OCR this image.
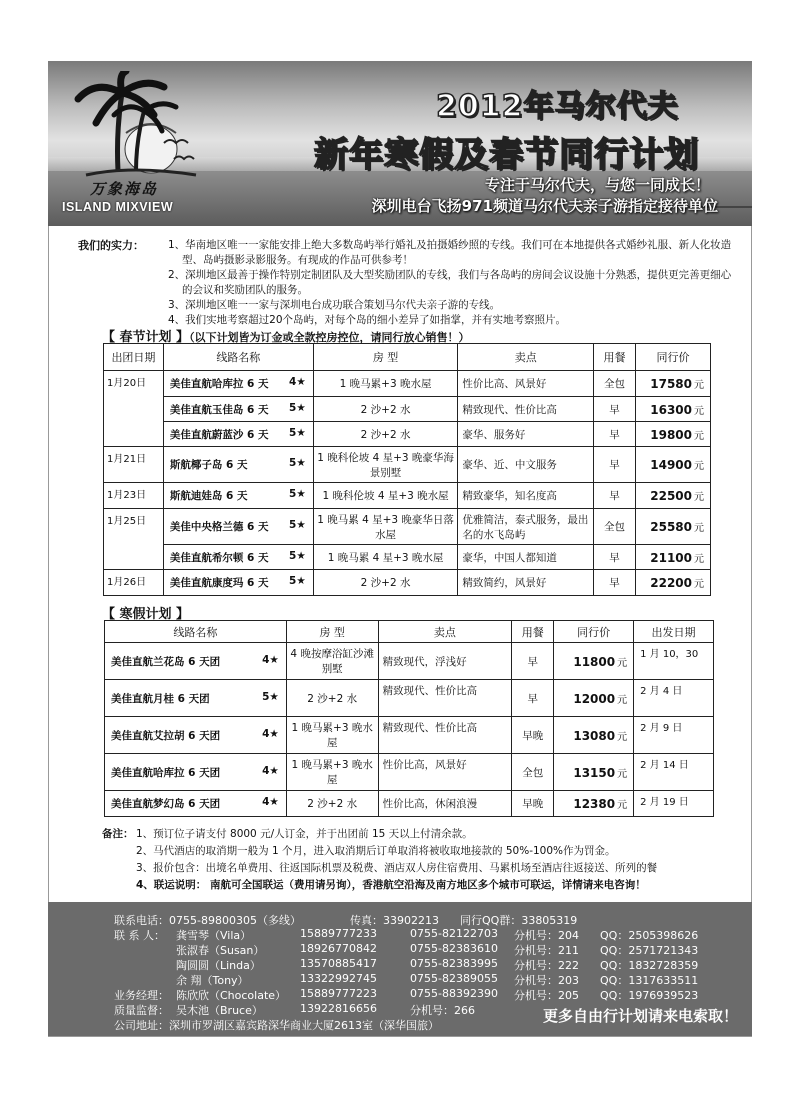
万象海岛
ISLAND MIXVIEW
2012年马尔代夫
新年寒假及春节同行计划
专注于马尔代夫，与您一同成长！
深圳电台飞扬971频道马尔代夫亲子游指定接待单位
我们的实力： 1、华南地区唯一一家能安排上绝大多数岛屿举行婚礼及拍摄婚纱照的专线。我们可在本地提供各式婚纱礼服、新人化妆造型、岛屿摄影录影服务。有现成的作品可供参考！
2、深圳地区最善于操作特别定制团队及大型奖励团队的专线，我们与各岛屿的房间会议设施十分熟悉，提供更完善更细心的会议和奖励团队的服务。
3、深圳地区唯一一家与深圳电台成功联合策划马尔代夫亲子游的专线。
4、我们实地考察超过20个岛屿，对每个岛的细小差异了如指掌，并有实地考察照片。
【 春节计划 】（以下计划皆为订金或全款控房控位，请同行放心销售！）
出团日期	线路名称	房 型	卖点	用餐	同行价
1月20日	美佳直航哈库拉 6 天 4★	1 晚马累+3 晚水屋	性价比高、风景好	全包	17580 元
	美佳直航玉佳岛 6 天 5★	2 沙+2 水	精致现代、性价比高	早	16300 元
	美佳直航蔚蓝沙 6 天 5★	2 沙+2 水	豪华、服务好	早	19800 元
1月21日	斯航椰子岛 6 天 5★	1 晚科伦坡 4 星+3 晚豪华海景别墅	豪华、近、中文服务	早	14900 元
1月23日	斯航迪娃岛 6 天 5★	1 晚科伦坡 4 星+3 晚水屋	精致豪华，知名度高	早	22500 元
1月25日	美佳中央格兰德 6 天 5★	1 晚马累 4 星+3 晚豪华日落水屋	优雅简洁，泰式服务，最出名的水飞岛屿	全包	25580 元
	美佳直航希尔顿 6 天 5★	1 晚马累 4 星+3 晚水屋	豪华，中国人都知道	早	21100 元
1月26日	美佳直航康度玛 6 天 5★	2 沙+2 水	精致简约，风景好	早	22200 元
【 寒假计划 】
线路名称	房 型	卖点	用餐	同行价	出发日期
美佳直航兰花岛 6 天团 4★	4 晚按摩浴缸沙滩别墅	精致现代，浮浅好	早	11800 元	1 月 10，30
美佳直航月桂 6 天团 5★	2 沙+2 水	精致现代、性价比高	早	12000 元	2 月 4 日
美佳直航艾拉胡 6 天团 4★	1 晚马累+3 晚水屋	精致现代、性价比高	早晚	13080 元	2 月 9 日
美佳直航哈库拉 6 天团 4★	1 晚马累+3 晚水屋	性价比高，风景好	全包	13150 元	2 月 14 日
美佳直航梦幻岛 6 天团 4★	2 沙+2 水	性价比高，休闲浪漫	早晚	12380 元	2 月 19 日
备注： 1、预订位子请支付 8000 元/人订金，并于出团前 15 天以上付清余款。
2、马代酒店的取消期一般为 1 个月，进入取消期后订单取消将被收取地接款的 50%-100%作为罚金。
3、报价包含：出境名单费用、往返国际机票及税费、酒店双人房住宿费用、马累机场至酒店往返接送、所列的餐
4、联运说明： 南航可全国联运（费用请另询），香港航空沿海及南方地区多个城市可联运，详情请来电咨询！
联系电话：0755-89800305（多线）	传真：33902213 同行QQ群：33805319
联 系 人： 龚雪琴（Vila）	15889777233	0755-82122703 分机号：204 QQ：2505398626
张淑春（Susan）	18926770842	0755-82383610 分机号：211 QQ：2571721343
陶圆圆（Linda）	13570885417	0755-82383995 分机号：222 QQ：1832728359
余 翔（Tony）	13322992745	0755-82389055 分机号：203 QQ：1317633511
业务经理： 陈欣欣（Chocolate） 15889777223	0755-88392390 分机号：205 QQ：1976939523
质量监督： 吴木池（Bruce）	13922816656	分机号：266
公司地址：深圳市罗湖区嘉宾路深华商业大厦2613室（深华国旅）
更多自由行计划请来电索取！
